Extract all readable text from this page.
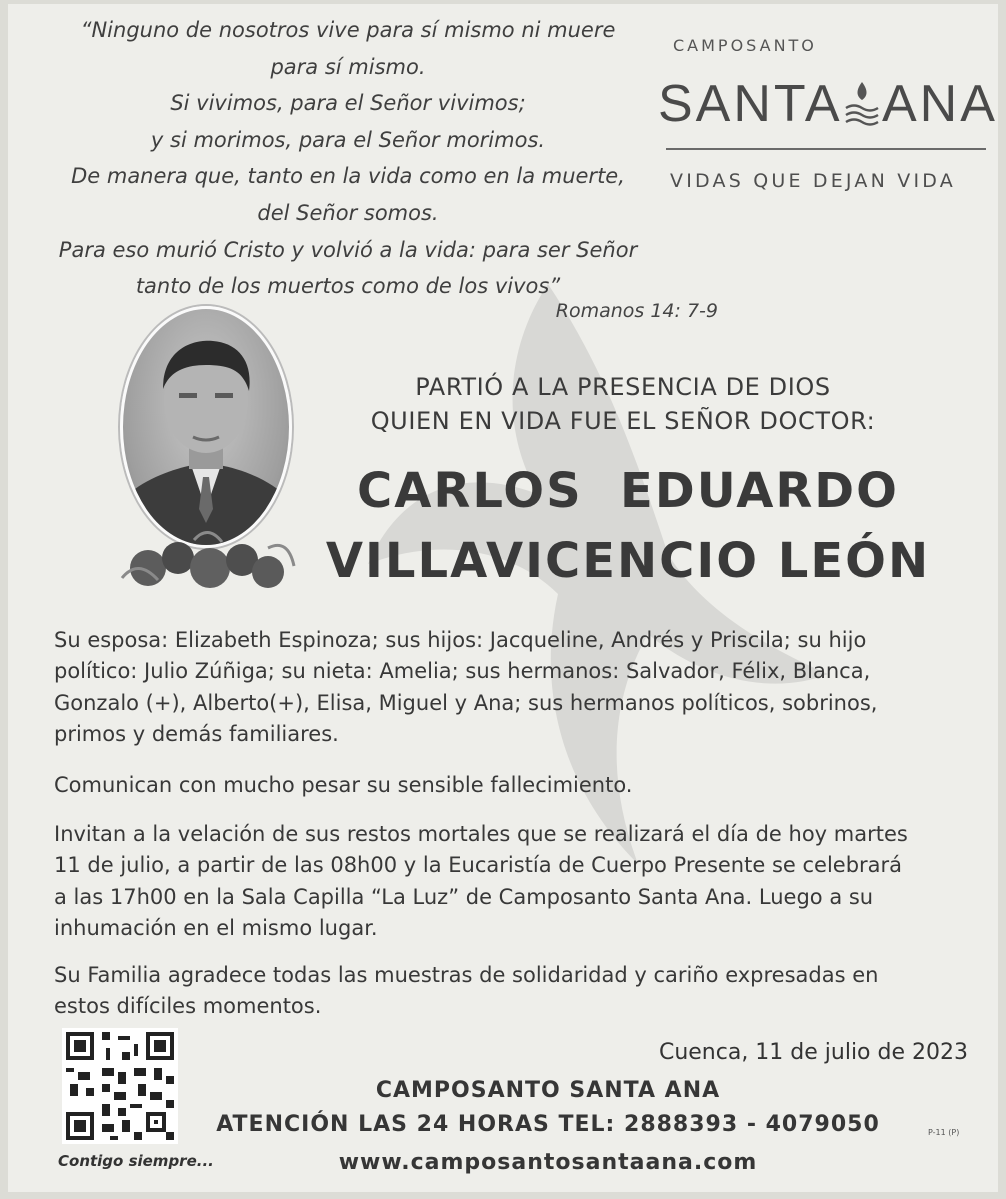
“Ninguno de nosotros vive para sí mismo ni muere
para sí mismo.
Si vivimos, para el Señor vivimos;
y si morimos, para el Señor morimos.
De manera que, tanto en la vida como en la muerte,
del Señor somos.
Para eso murió Cristo y volvió a la vida: para ser Señor
tanto de los muertos como de los vivos”
Romanos 14: 7-9
CAMPOSANTO
SANTA ANA
VIDAS QUE DEJAN VIDA
PARTIÓ A LA PRESENCIA DE DIOS
QUIEN EN VIDA FUE EL SEÑOR DOCTOR:
CARLOS  EDUARDO
VILLAVICENCIO LEÓN
Su esposa: Elizabeth Espinoza; sus hijos: Jacqueline, Andrés y Priscila; su hijo
político: Julio Zúñiga; su nieta: Amelia; sus hermanos: Salvador, Félix, Blanca,
Gonzalo (+), Alberto(+), Elisa, Miguel y Ana; sus hermanos políticos, sobrinos,
primos y demás familiares.
Comunican con mucho pesar su sensible fallecimiento.
Invitan a la velación de sus restos mortales que se realizará el día de hoy martes
11 de julio, a partir de las 08h00 y la Eucaristía de Cuerpo Presente se celebrará
a las 17h00 en la Sala Capilla “La Luz” de Camposanto Santa Ana. Luego a su
inhumación en el mismo lugar.
Su Familia agradece todas las muestras de solidaridad y cariño expresadas en
estos difíciles momentos.
Contigo siempre...
Cuenca, 11 de julio de 2023
CAMPOSANTO SANTA ANA
ATENCIÓN LAS 24 HORAS TEL: 2888393 - 4079050
www.camposantosantaana.com
P-11 (P)
